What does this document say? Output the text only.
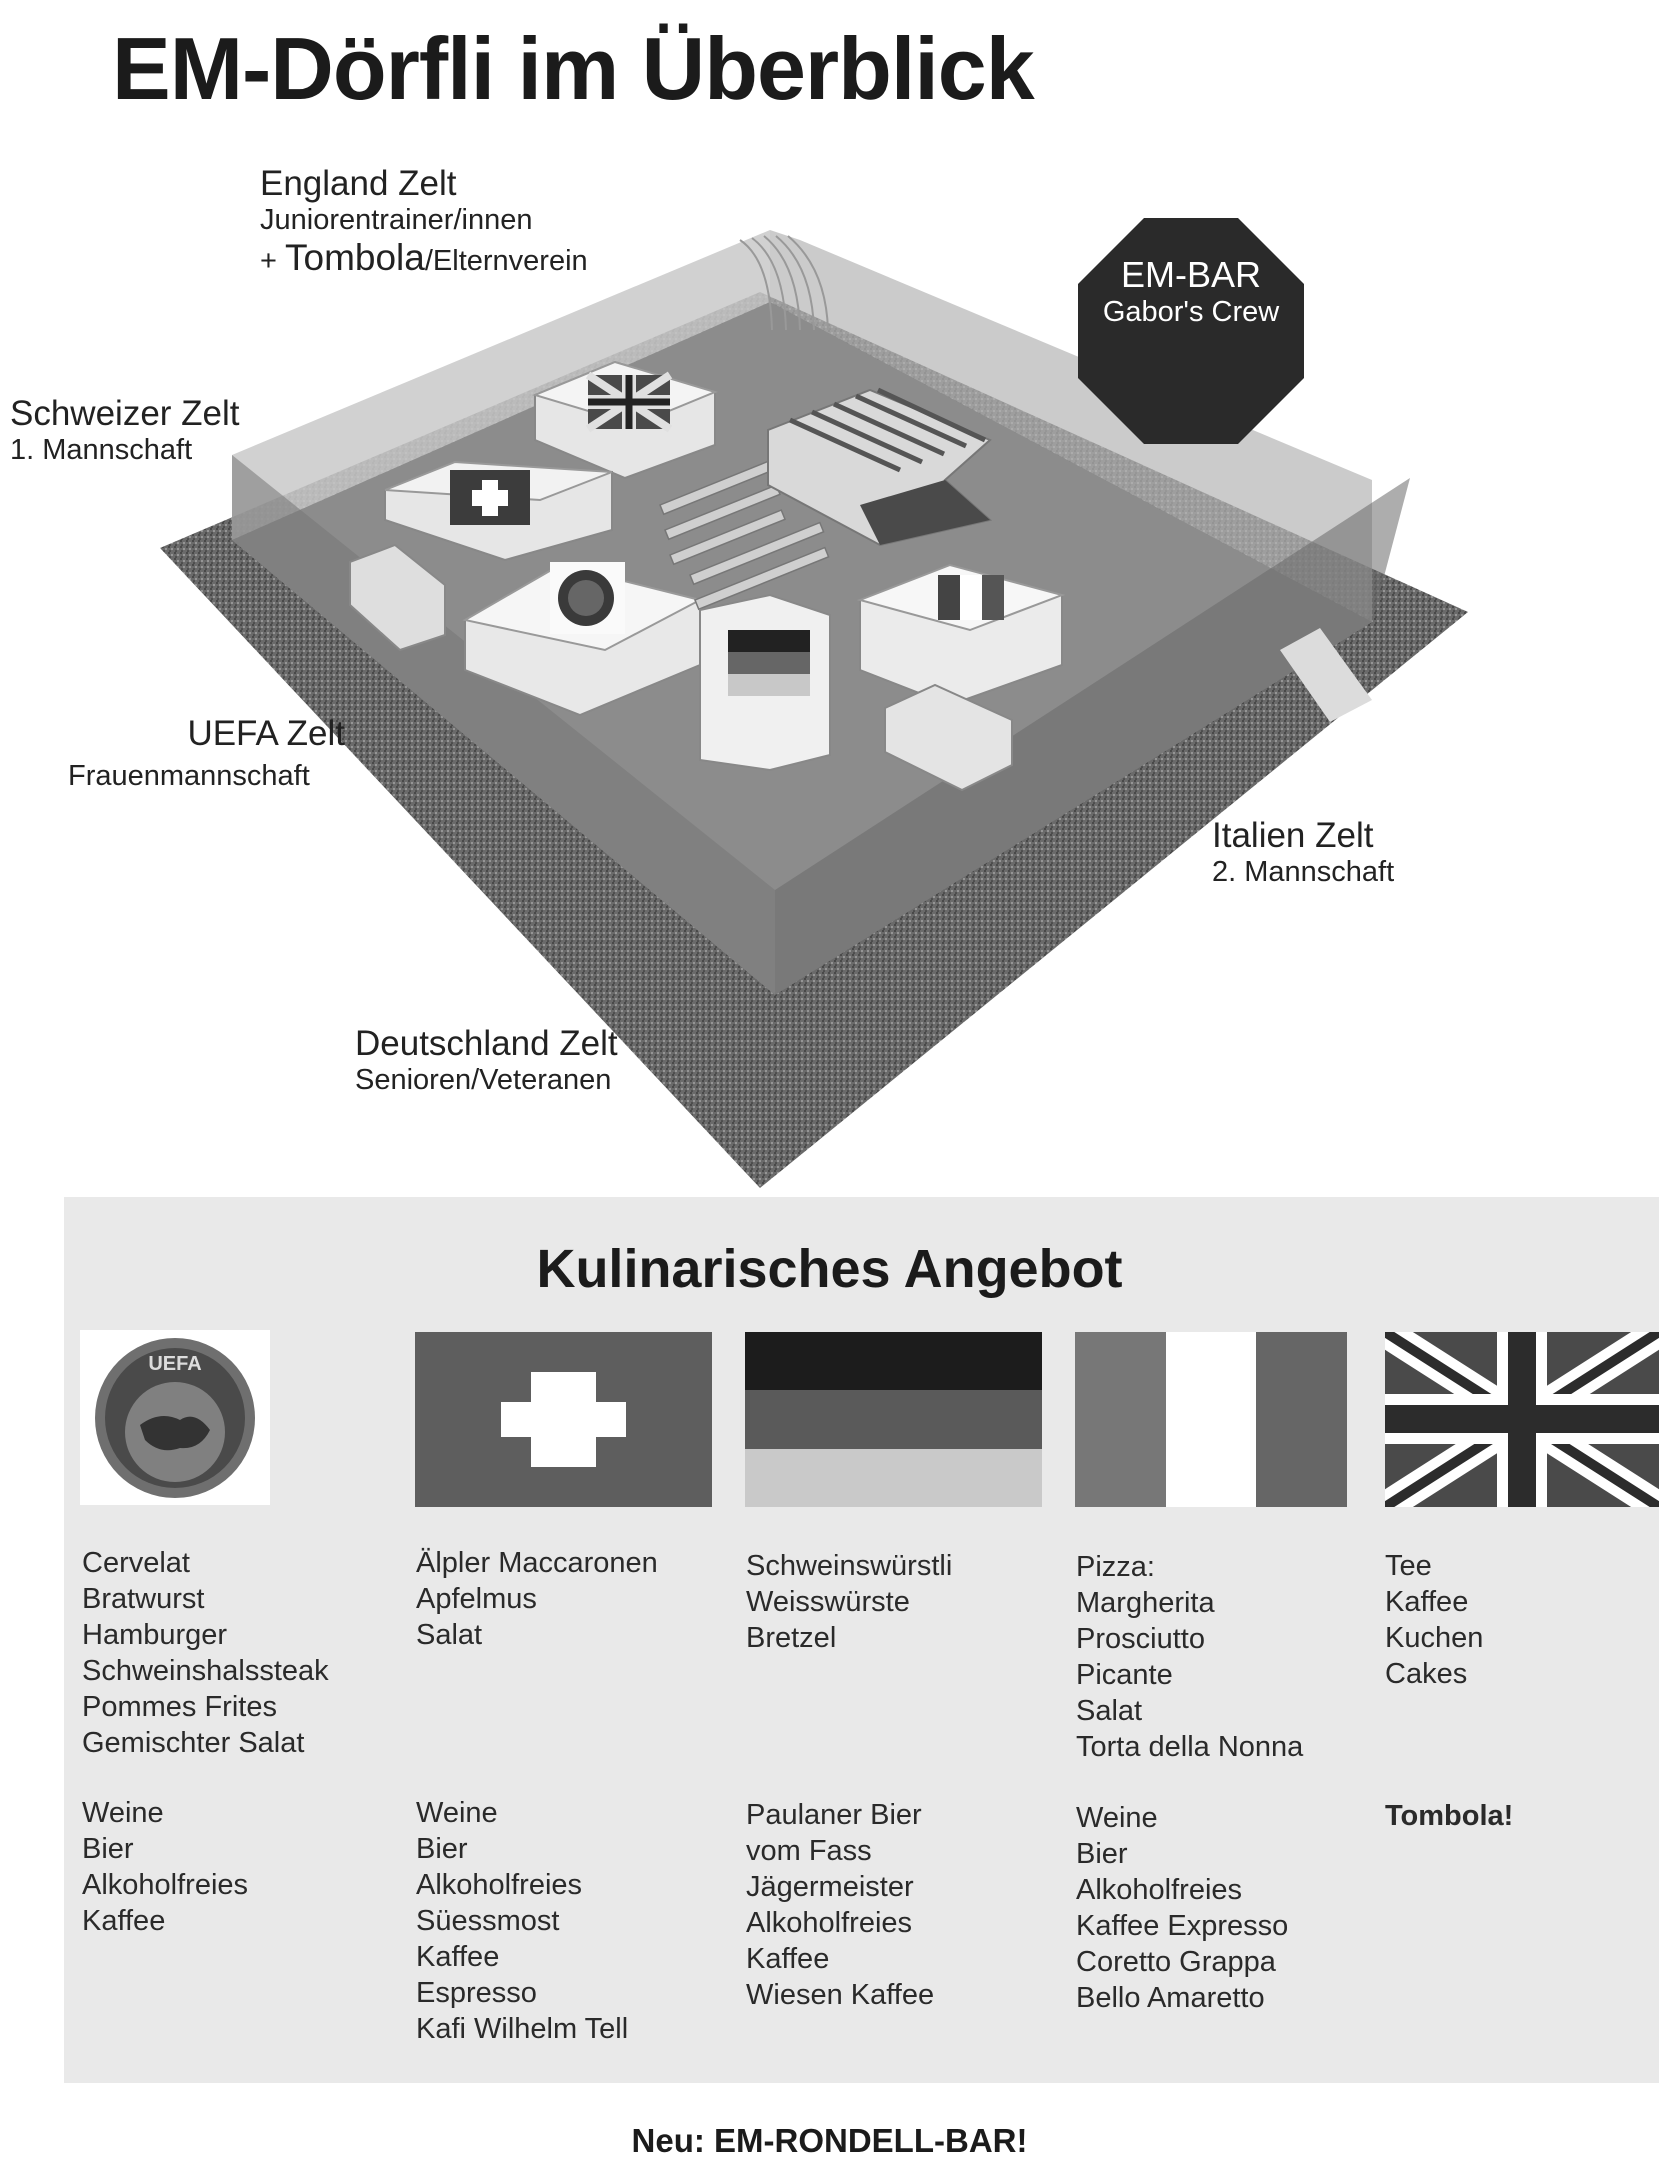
EM-Dörfli im Überblick
England Zelt
Juniorentrainer/innen
+ Tombola/Elternverein
Schweizer Zelt
1. Mannschaft
UEFA Zelt
Frauenmannschaft
Italien Zelt
2. Mannschaft
Deutschland Zelt
Senioren/Veteranen
EM-BAR
Gabor's Crew
Kulinarisches Angebot
UEFA
Cervelat
Bratwurst
Hamburger
Schweinshalssteak
Pommes Frites
Gemischter Salat
Weine
Bier
Alkoholfreies
Kaffee
Älpler Maccaronen
Apfelmus
Salat
Weine
Bier
Alkoholfreies
Süessmost
Kaffee
Espresso
Kafi Wilhelm Tell
Schweinswürstli
Weisswürste
Bretzel
Paulaner Bier
vom Fass
Jägermeister
Alkoholfreies
Kaffee
Wiesen Kaffee
Pizza:
Margherita
Prosciutto
Picante
Salat
Torta della Nonna
Weine
Bier
Alkoholfreies
Kaffee Expresso
Coretto Grappa
Bello Amaretto
Tee
Kaffee
Kuchen
Cakes
Tombola!
Neu: EM-RONDELL-BAR!
